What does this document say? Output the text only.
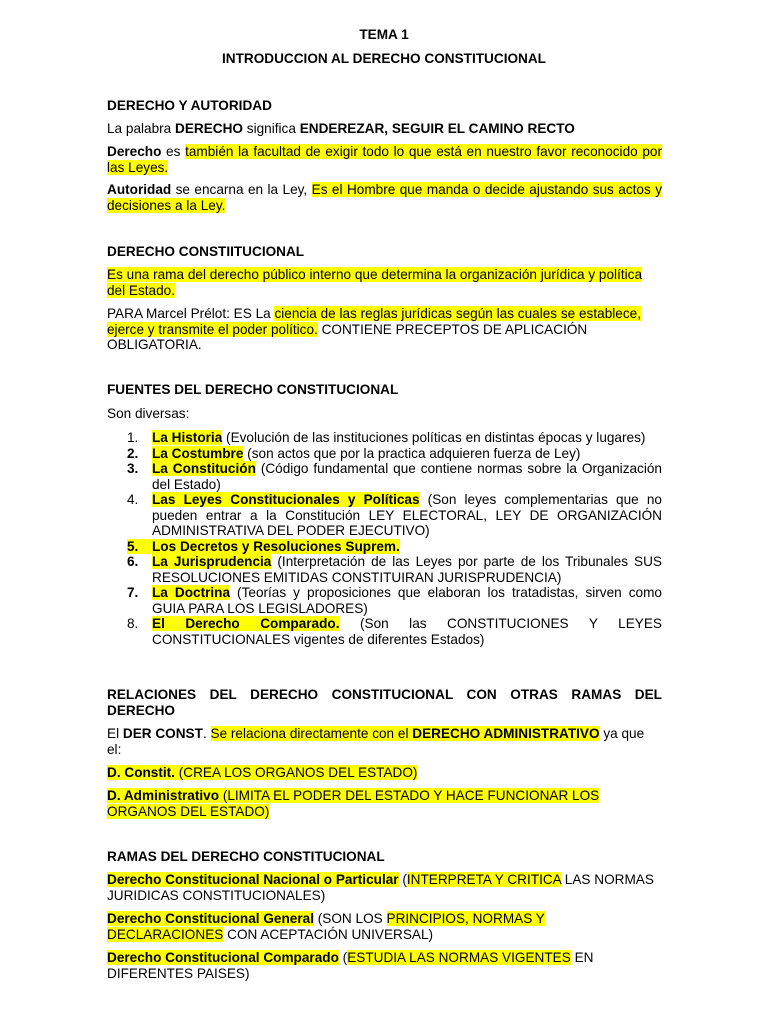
TEMA 1
INTRODUCCION AL DERECHO CONSTITUCIONAL
DERECHO Y AUTORIDAD

La palabra DERECHO significa ENDEREZAR, SEGUIR EL CAMINO RECTO

Derecho es también la facultad de exigir todo lo que está en nuestro favor reconocido por las Leyes.

Autoridad se encarna en la Ley, Es el Hombre que manda o decide ajustando sus actos y decisiones a la Ley.

DERECHO CONSTIITUCIONAL

Es una rama del derecho público interno que determina la organización jurídica y política del Estado.

PARA Marcel Prélot: ES La ciencia de las reglas jurídicas según las cuales se establece, ejerce y transmite el poder político. CONTIENE PRECEPTOS DE APLICACIÓN OBLIGATORIA.

FUENTES DEL DERECHO CONSTITUCIONAL
Son diversas:
1.	La Historia (Evolución de las instituciones políticas en distintas épocas y lugares)
2.	La Costumbre (son actos que por la practica adquieren fuerza de Ley)
3.	La Constitución (Código fundamental que contiene normas sobre la Organización del Estado)
4.	Las Leyes Constitucionales y Políticas (Son leyes complementarias que no pueden entrar a la Constitución LEY ELECTORAL, LEY DE ORGANIZACIÓN ADMINISTRATIVA DEL PODER EJECUTIVO)
5.	Los Decretos y Resoluciones Suprem.
6.	La Jurisprudencia (Interpretación de las Leyes por parte de los Tribunales SUS RESOLUCIONES EMITIDAS CONSTITUIRAN JURISPRUDENCIA)
7.	La Doctrina (Teorías y proposiciones que elaboran los tratadistas, sirven como GUIA PARA LOS LEGISLADORES)
8.	El Derecho Comparado. (Son las CONSTITUCIONES Y LEYES CONSTITUCIONALES vigentes de diferentes Estados)
RELACIONES DEL DERECHO CONSTITUCIONAL CON OTRAS RAMAS DEL DERECHO

El DER CONST. Se relaciona directamente con el DERECHO ADMINISTRATIVO ya que el:

D. Constit. (CREA LOS ORGANOS DEL ESTADO)

D. Administrativo (LIMITA EL PODER DEL ESTADO Y HACE FUNCIONAR LOS ORGANOS DEL ESTADO)

RAMAS DEL DERECHO CONSTITUCIONAL

Derecho Constitucional Nacional o Particular (INTERPRETA Y CRITICA LAS NORMAS JURIDICAS CONSTITUCIONALES)

Derecho Constitucional General (SON LOS PRINCIPIOS, NORMAS Y DECLARACIONES CON ACEPTACIÓN UNIVERSAL)

Derecho Constitucional Comparado (ESTUDIA LAS NORMAS VIGENTES EN DIFERENTES PAISES)
